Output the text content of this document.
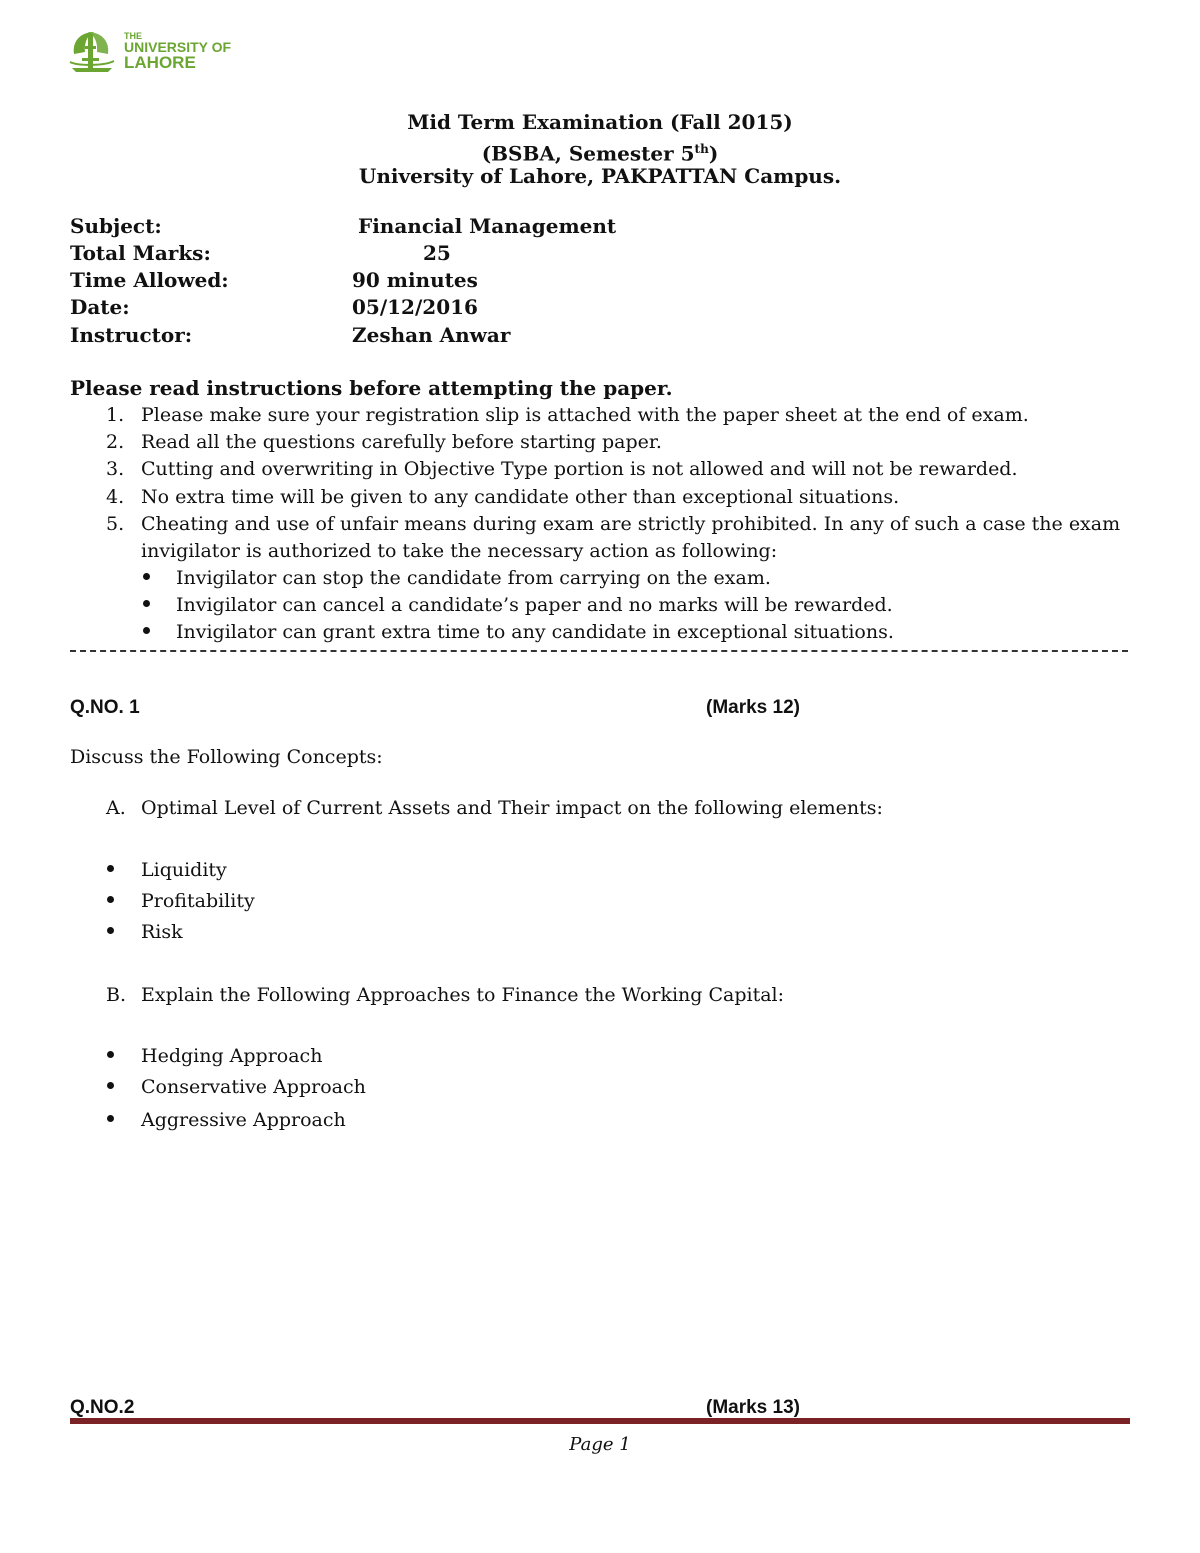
THE
UNIVERSITY OF
LAHORE
Mid Term Examination (Fall 2015)
(BSBA, Semester 5th)
University of Lahore, PAKPATTAN Campus.
Subject:	Financial Management
Total Marks:	25
Time Allowed:	90 minutes
Date:	05/12/2016
Instructor:	Zeshan Anwar
Please read instructions before attempting the paper.
1. Please make sure your registration slip is attached with the paper sheet at the end of exam.
2. Read all the questions carefully before starting paper.
3. Cutting and overwriting in Objective Type portion is not allowed and will not be rewarded.
4. No extra time will be given to any candidate other than exceptional situations.
5. Cheating and use of unfair means during exam are strictly prohibited. In any of such a case the exam
invigilator is authorized to take the necessary action as following:
Invigilator can stop the candidate from carrying on the exam.
Invigilator can cancel a candidate’s paper and no marks will be rewarded.
Invigilator can grant extra time to any candidate in exceptional situations.
Q.NO. 1	(Marks 12)
Discuss the Following Concepts:
A. Optimal Level of Current Assets and Their impact on the following elements:
Liquidity
Profitability
Risk
B. Explain the Following Approaches to Finance the Working Capital:
Hedging Approach
Conservative Approach
Aggressive Approach
Q.NO.2	(Marks 13)
Page 1
